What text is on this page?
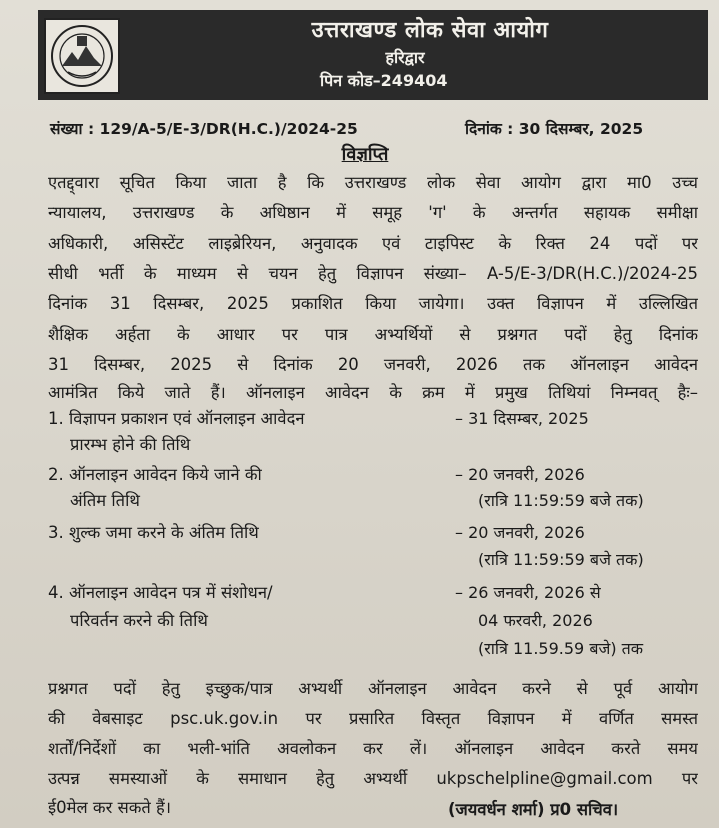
उत्तराखण्ड लोक सेवा आयोग
हरिद्वार
पिन कोड–249404
संख्या : 129/A-5/E-3/DR(H.C.)/2024-25	दिनांक : 30 दिसम्बर, 2025
विज्ञप्ति
एतद्द्वारा सूचित किया जाता है कि उत्तराखण्ड लोक सेवा आयोग द्वारा मा0 उच्च
न्यायालय, उत्तराखण्ड के अधिष्ठान में समूह 'ग' के अन्तर्गत सहायक समीक्षा
अधिकारी, असिस्टेंट लाइब्रेरियन, अनुवादक एवं टाइपिस्ट के रिक्त 24 पदों पर
सीधी भर्ती के माध्यम से चयन हेतु विज्ञापन संख्या– A-5/E-3/DR(H.C.)/2024-25
दिनांक 31 दिसम्बर, 2025 प्रकाशित किया जायेगा। उक्त विज्ञापन में उल्लिखित
शैक्षिक अर्हता के आधार पर पात्र अभ्यर्थियों से प्रश्नगत पदों हेतु दिनांक
31 दिसम्बर, 2025 से दिनांक 20 जनवरी, 2026 तक ऑनलाइन आवेदन
आमंत्रित किये जाते हैं। ऑनलाइन आवेदन के क्रम में प्रमुख तिथियां निम्नवत् हैः–
1. विज्ञापन प्रकाशन एवं ऑनलाइन आवेदन
प्रारम्भ होने की तिथि
– 31 दिसम्बर, 2025
2. ऑनलाइन आवेदन किये जाने की
अंतिम तिथि
– 20 जनवरी, 2026
(रात्रि 11:59:59 बजे तक)
3. शुल्क जमा करने के अंतिम तिथि	– 20 जनवरी, 2026
(रात्रि 11:59:59 बजे तक)
4. ऑनलाइन आवेदन पत्र में संशोधन/
परिवर्तन करने की तिथि
– 26 जनवरी, 2026 से
04 फरवरी, 2026
(रात्रि 11.59.59 बजे) तक
प्रश्नगत पदों हेतु इच्छुक/पात्र अभ्यर्थी ऑनलाइन आवेदन करने से पूर्व आयोग
की वेबसाइट psc.uk.gov.in पर प्रसारित विस्तृत विज्ञापन में वर्णित समस्त
शर्तों/निर्देशों का भली-भांति अवलोकन कर लें। ऑनलाइन आवेदन करते समय
उत्पन्न समस्याओं के समाधान हेतु अभ्यर्थी ukpschelpline@gmail.com पर
ई0मेल कर सकते हैं।	(जयवर्धन शर्मा) प्र0 सचिव।
